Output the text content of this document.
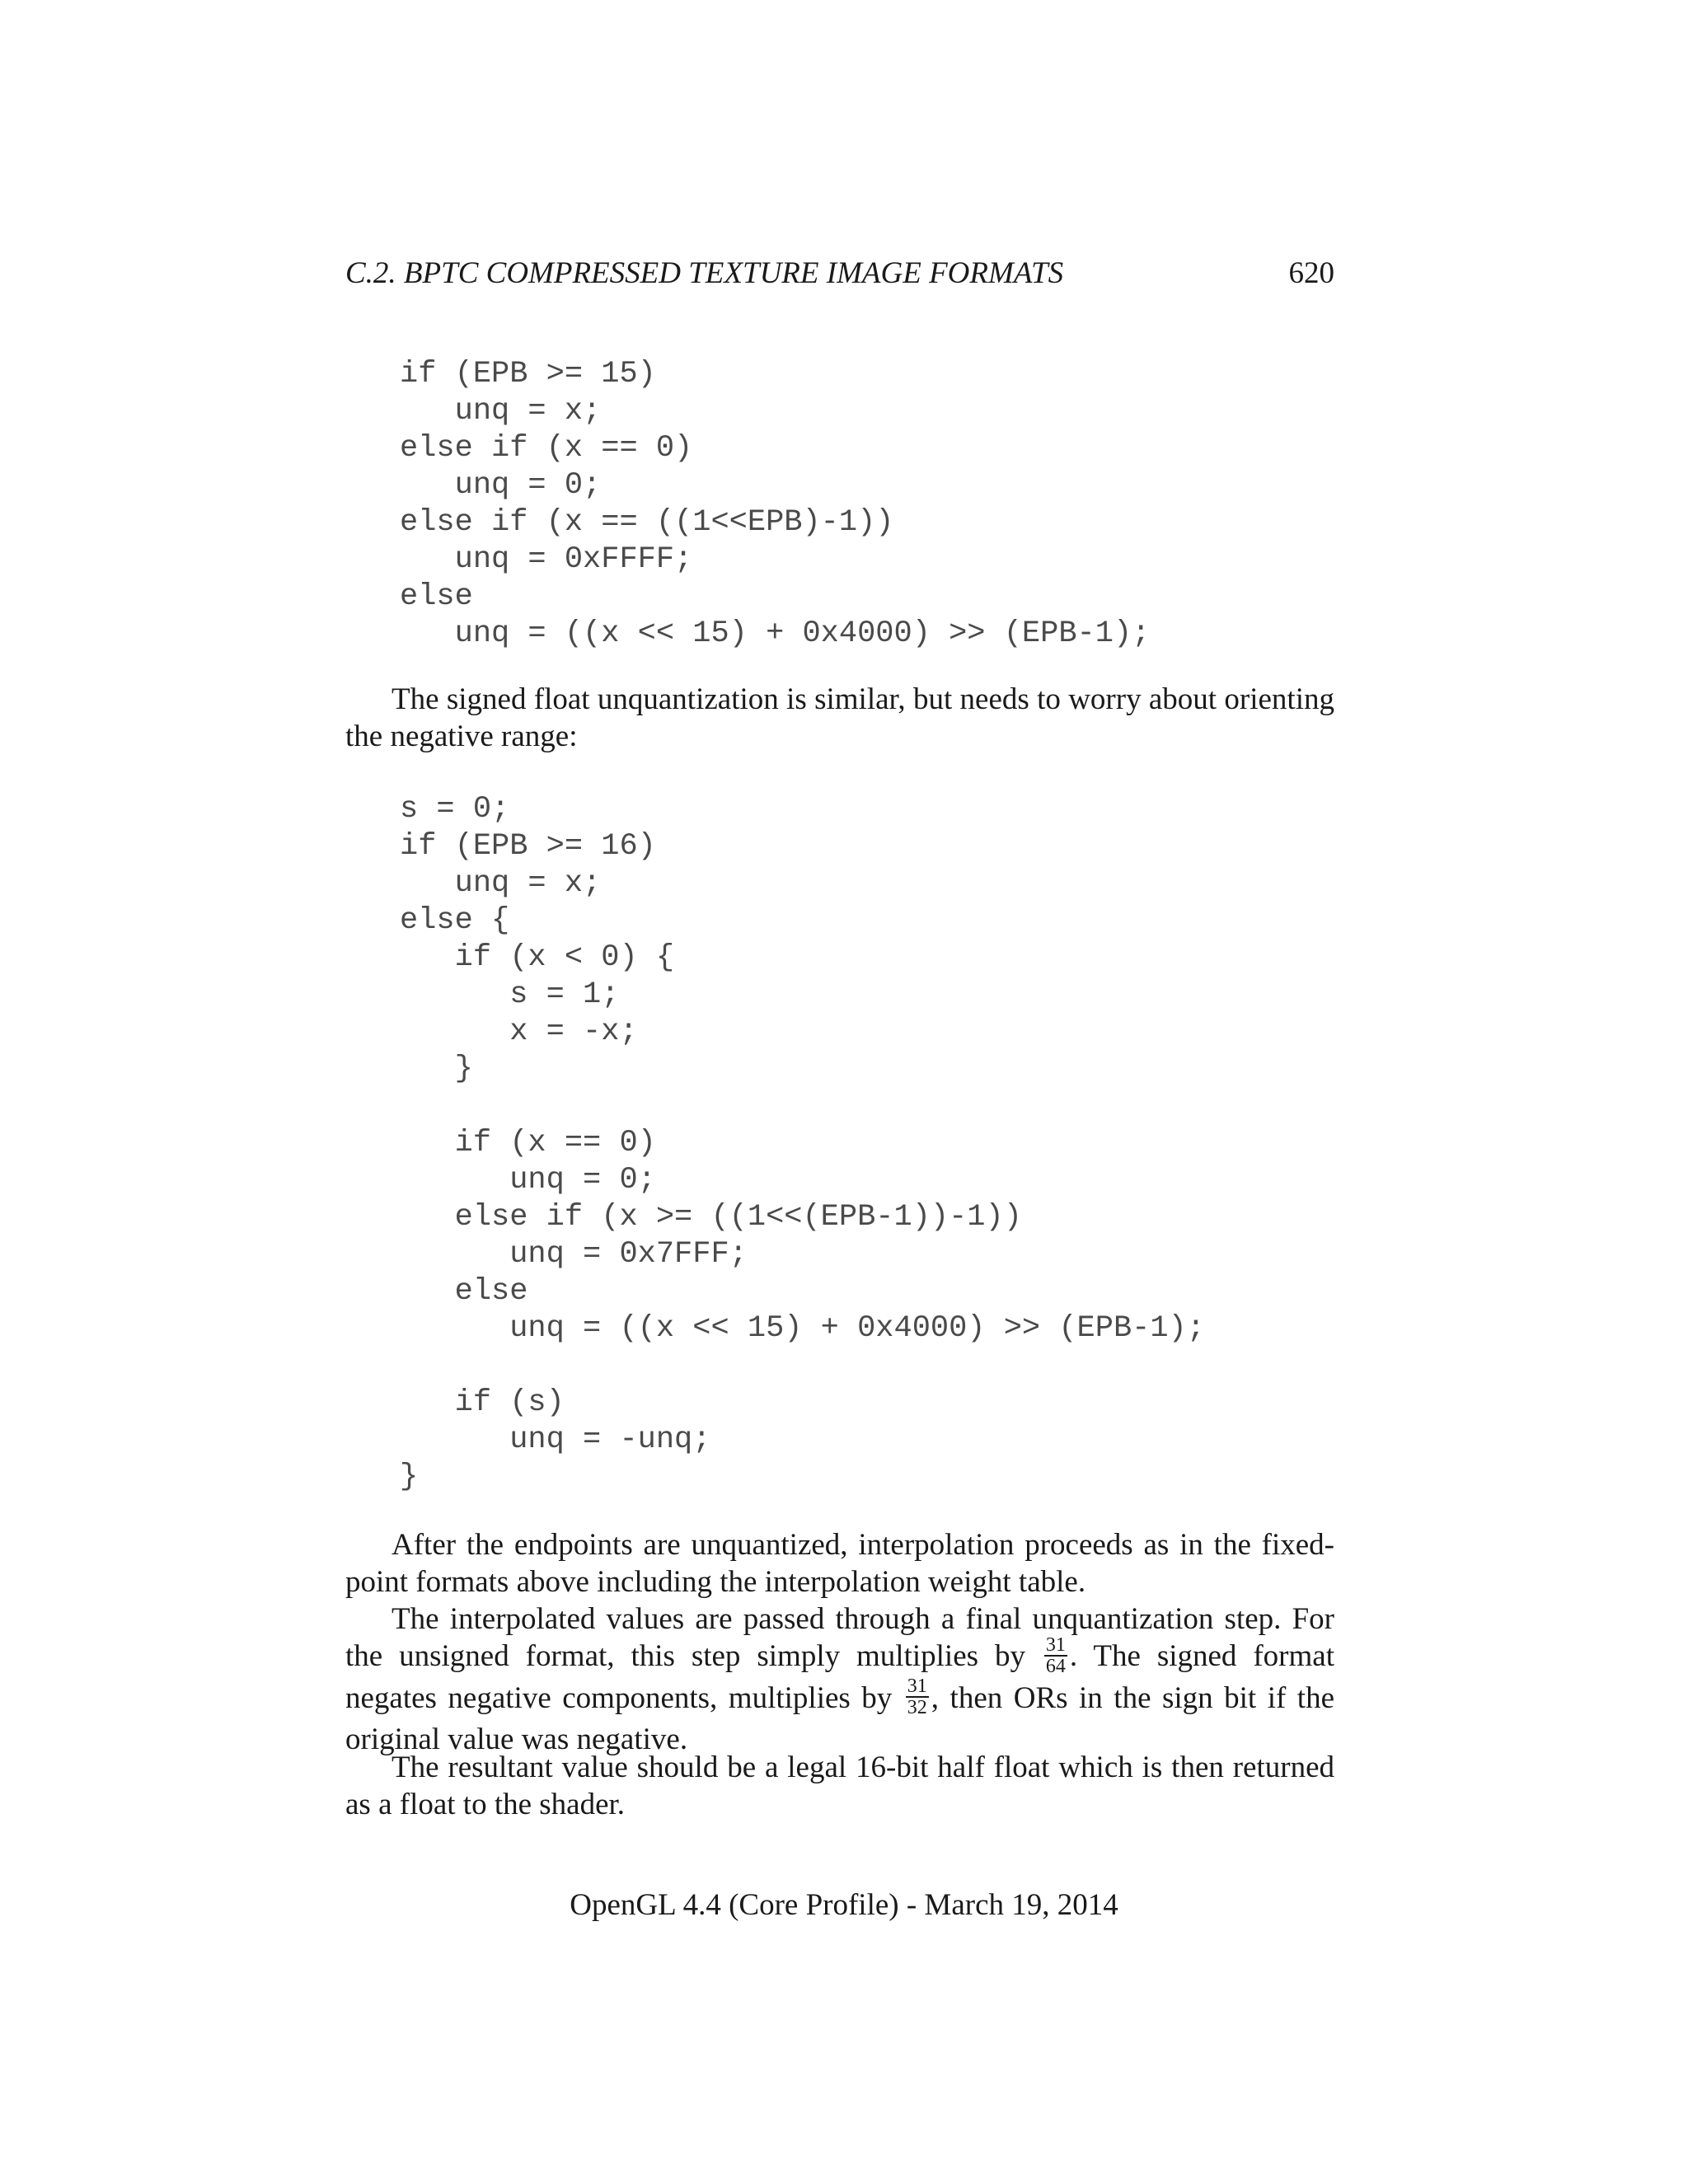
C.2. BPTC COMPRESSED TEXTURE IMAGE FORMATS	620
if (EPB >= 15)
unq = x;
else if (x == 0)
unq = 0;
else if (x == ((1<<EPB)-1))
unq = 0xFFFF;
else
unq = ((x << 15) + 0x4000) >> (EPB-1);

The signed float unquantization is similar, but needs to worry about orienting the negative range:

s = 0;
if (EPB >= 16)
unq = x;
else {
if (x < 0) {
s = 1;
x = -x;
}
if (x == 0)
unq = 0;
else if (x >= ((1<<(EPB-1))-1))
unq = 0x7FFF;
else
unq = ((x << 15) + 0x4000) >> (EPB-1);
if (s)
unq = -unq;
}

After the endpoints are unquantized, interpolation proceeds as in the fixed-point formats above including the interpolation weight table.

The interpolated values are passed through a final unquantization step. For the unsigned format, this step simply multiplies by $\frac{31}{64}$ . The signed format negates negative components, multiplies by $\frac{31}{32}$ , then ORs in the sign bit if the original value was negative.

The resultant value should be a legal 16-bit half float which is then returned as a float to the shader.

OpenGL 4.4 (Core Profile) - March 19, 2014
